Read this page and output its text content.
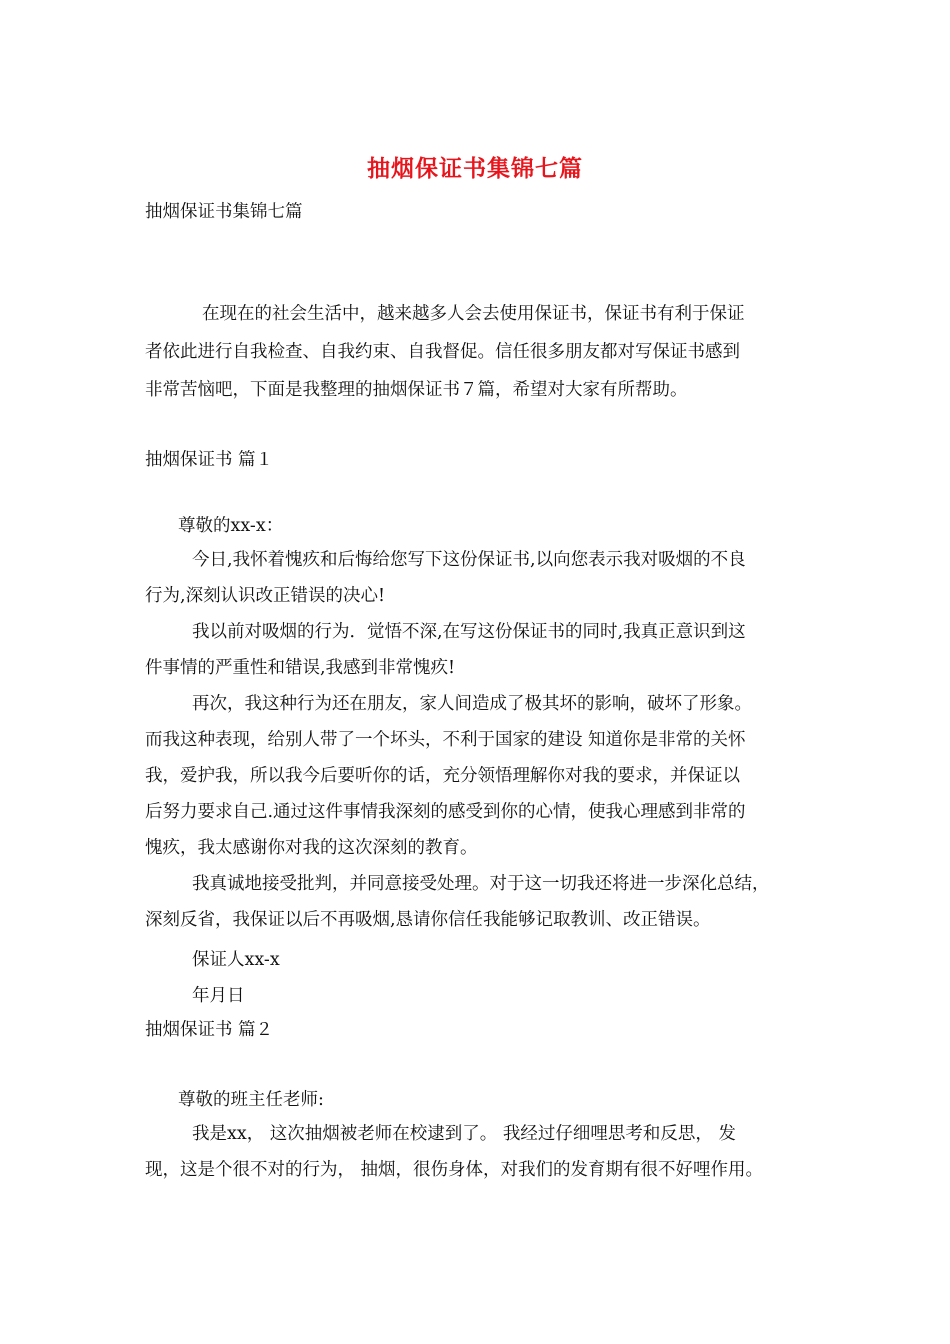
抽烟保证书集锦七篇
抽烟保证书集锦七篇
在现在的社会生活中，越来越多人会去使用保证书，保证书有利于保证
者依此进行自我检查、自我约束、自我督促。信任很多朋友都对写保证书感到
非常苦恼吧，下面是我整理的抽烟保证书７篇，希望对大家有所帮助。
抽烟保证书 篇１
尊敬的xx-x：
今日,我怀着愧疚和后悔给您写下这份保证书,以向您表示我对吸烟的不良
行为,深刻认识改正错误的决心!
我以前对吸烟的行为．觉悟不深,在写这份保证书的同时,我真正意识到这
件事情的严重性和错误,我感到非常愧疚!
再次，我这种行为还在朋友，家人间造成了极其坏的影响，破坏了形象。
而我这种表现，给别人带了一个坏头，不利于国家的建设 知道你是非常的关怀
我，爱护我，所以我今后要听你的话，充分领悟理解你对我的要求，并保证以
后努力要求自己.通过这件事情我深刻的感受到你的心情，使我心理感到非常的
愧疚，我太感谢你对我的这次深刻的教育。
我真诚地接受批判，并同意接受处理。对于这一切我还将进一步深化总结，
深刻反省，我保证以后不再吸烟,恳请你信任我能够记取教训、改正错误。
保证人xx-x
年月日
抽烟保证书 篇２
尊敬的班主任老师:
我是xx， 这次抽烟被老师在校逮到了。 我经过仔细哩思考和反思， 发
现，这是个很不对的行为， 抽烟，很伤身体，对我们的发育期有很不好哩作用。
